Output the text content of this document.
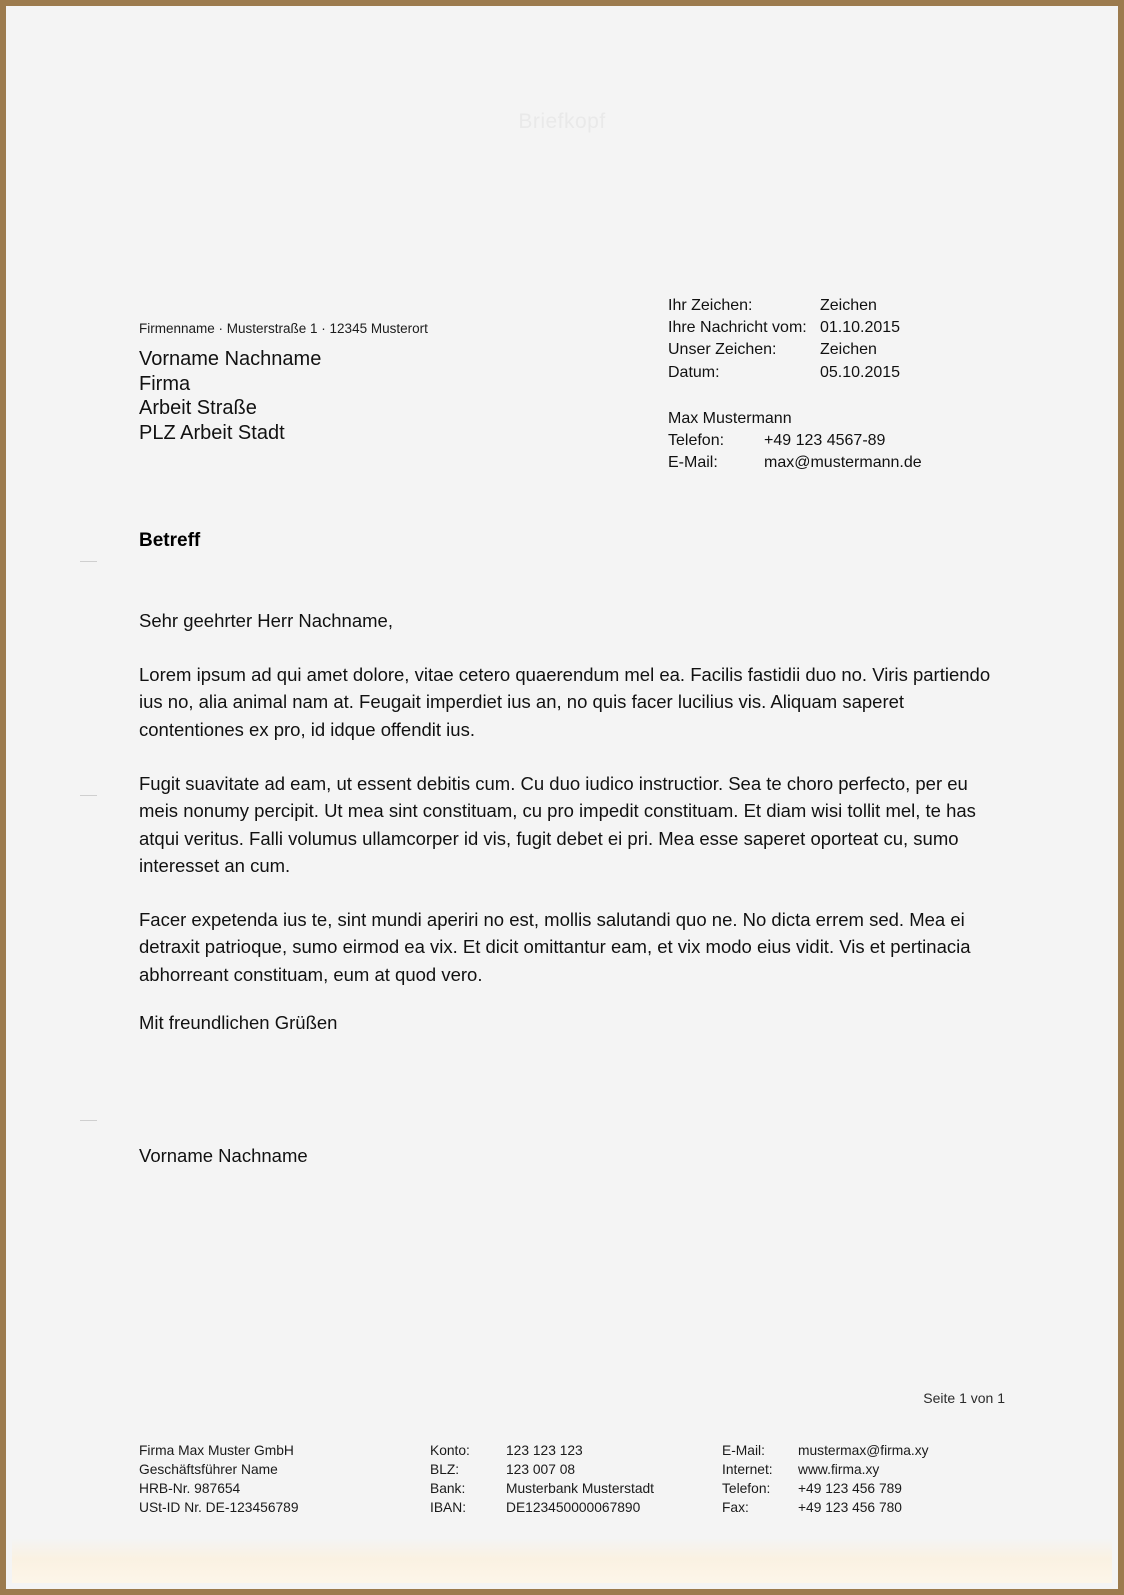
Briefkopf
Firmenname · Musterstraße 1 · 12345 Musterort
Vorname Nachname
Firma
Arbeit Straße
PLZ Arbeit Stadt
Ihr Zeichen:	Zeichen
Ihre Nachricht vom: 01.10.2015
Unser Zeichen:	Zeichen
Datum:	05.10.2015
Max Mustermann
Telefon:	+49 123 4567-89
E-Mail:	max@mustermann.de
Betreff
Sehr geehrter Herr Nachname,
Lorem ipsum ad qui amet dolore, vitae cetero quaerendum mel ea. Facilis fastidii duo no. Viris partiendo ius no, alia animal nam at. Feugait imperdiet ius an, no quis facer lucilius vis. Aliquam saperet contentiones ex pro, id idque offendit ius.
Fugit suavitate ad eam, ut essent debitis cum. Cu duo iudico instructior. Sea te choro perfecto, per eu meis nonumy percipit. Ut mea sint constituam, cu pro impedit constituam. Et diam wisi tollit mel, te has atqui veritus. Falli volumus ullamcorper id vis, fugit debet ei pri. Mea esse saperet oporteat cu, sumo interesset an cum.
Facer expetenda ius te, sint mundi aperiri no est, mollis salutandi quo ne. No dicta errem sed. Mea ei detraxit patrioque, sumo eirmod ea vix. Et dicit omittantur eam, et vix modo eius vidit. Vis et pertinacia abhorreant constituam, eum at quod vero.
Mit freundlichen Grüßen
Vorname Nachname
Seite 1 von 1
Firma Max Muster GmbH
Geschäftsführer Name
HRB-Nr. 987654
USt-ID Nr. DE-123456789
Konto:	123 123 123
BLZ:	123 007 08
Bank:	Musterbank Musterstadt
IBAN:	DE123450000067890
E-Mail:	mustermax@firma.xy
Internet:	www.firma.xy
Telefon:	+49 123 456 789
Fax:	+49 123 456 780
